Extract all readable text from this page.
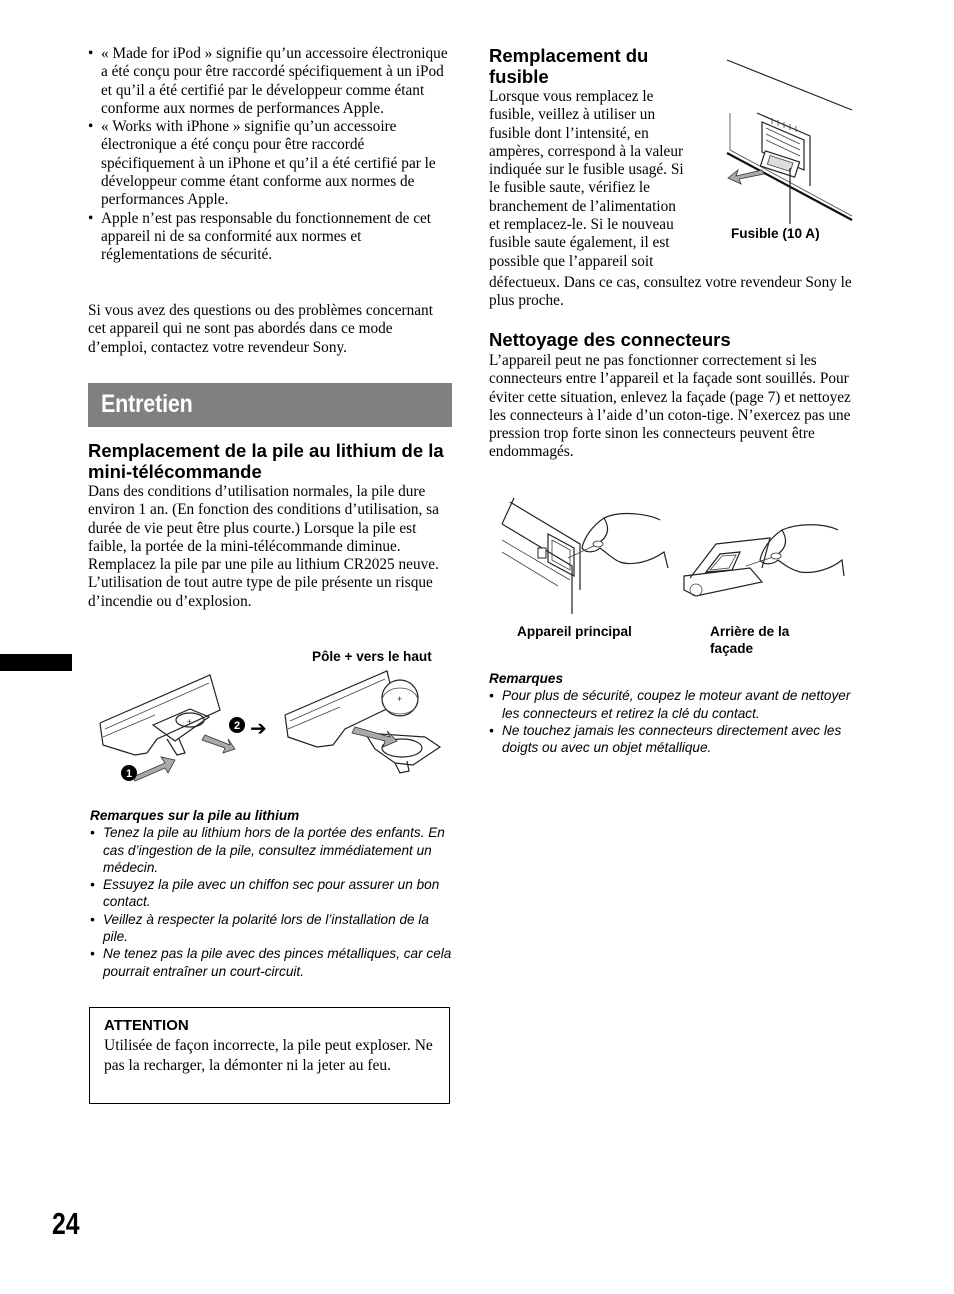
• « Made for iPod » signifie qu’un accessoire électronique a été conçu pour être raccordé spécifiquement à un iPod et qu’il a été certifié par le développeur comme étant conforme aux normes de performances Apple.
• « Works with iPhone » signifie qu’un accessoire électronique a été conçu pour être raccordé spécifiquement à un iPhone et qu’il a été certifié par le développeur comme étant conforme aux normes de performances Apple.
• Apple n’est pas responsable du fonctionnement de cet appareil ni de sa conformité aux normes et réglementations de sécurité.

Si vous avez des questions ou des problèmes concernant cet appareil qui ne sont pas abordés dans ce mode d’emploi, contactez votre revendeur Sony.

Entretien
Remplacement de la pile au lithium de la mini-télécommande

Dans des conditions d’utilisation normales, la pile dure environ 1 an. (En fonction des conditions d’utilisation, sa durée de vie peut être plus courte.) Lorsque la pile est faible, la portée de la mini-télécommande diminue. Remplacez la pile par une pile au lithium CR2025 neuve. L’utilisation de tout autre type de pile présente un risque d’incendie ou d’explosion.

Pôle + vers le haut
+
1
2 ➔
+
Remarques sur la pile au lithium
• Tenez la pile au lithium hors de la portée des enfants. En cas d’ingestion de la pile, consultez immédiatement un médecin.
• Essuyez la pile avec un chiffon sec pour assurer un bon contact.
• Veillez à respecter la polarité lors de l’installation de la pile.
• Ne tenez pas la pile avec des pinces métalliques, car cela pourrait entraîner un court-circuit.
ATTENTION

Utilisée de façon incorrecte, la pile peut exploser. Ne pas la recharger, la démonter ni la jeter au feu.

24
Remplacement du fusible
Lorsque vous remplacez le
fusible, veillez à utiliser un
fusible dont l’intensité, en
ampères, correspond à la valeur
indiquée sur le fusible usagé. Si
le fusible saute, vérifiez le
branchement de l’alimentation
et remplacez-le. Si le nouveau
fusible saute également, il est
possible que l’appareil soit

défectueux. Dans ce cas, consultez votre revendeur Sony le plus proche.

Fusible (10 A)
Nettoyage des connecteurs

L’appareil peut ne pas fonctionner correctement si les connecteurs entre l’appareil et la façade sont souillés. Pour éviter cette situation, enlevez la façade (page 7) et nettoyez les connecteurs à l’aide d’un coton-tige. N’exercez pas une pression trop forte sinon les connecteurs peuvent être endommagés.

Appareil principal	Arrière de la façade
Remarques
• Pour plus de sécurité, coupez le moteur avant de nettoyer les connecteurs et retirez la clé du contact.
• Ne touchez jamais les connecteurs directement avec les doigts ou avec un objet métallique.
